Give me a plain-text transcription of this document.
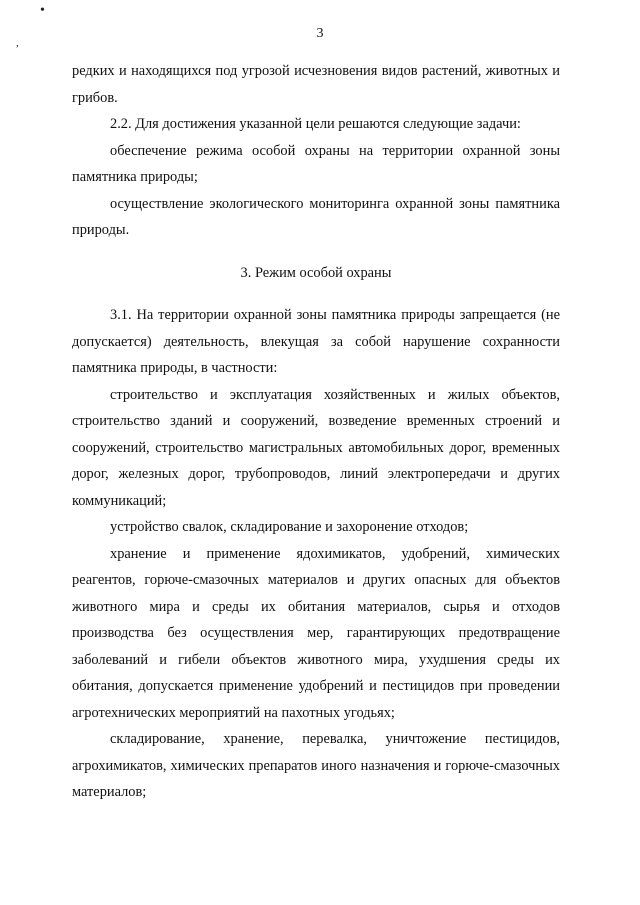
•
,
3

редких и находящихся под угрозой исчезновения видов растений, животных и грибов.

2.2. Для достижения указанной цели решаются следующие задачи:

обеспечение режима особой охраны на территории охранной зоны памятника природы;

осуществление экологического мониторинга охранной зоны памятника природы.

3. Режим особой охраны

3.1. На территории охранной зоны памятника природы запрещается (не допускается) деятельность, влекущая за собой нарушение сохранности памятника природы, в частности:

строительство и эксплуатация хозяйственных и жилых объектов, строительство зданий и сооружений, возведение временных строений и сооружений, строительство магистральных автомобильных дорог, временных дорог, железных дорог, трубопроводов, линий электропередачи и других коммуникаций;

устройство свалок, складирование и захоронение отходов;

хранение и применение ядохимикатов, удобрений, химических реагентов, горюче-смазочных материалов и других опасных для объектов животного мира и среды их обитания материалов, сырья и отходов производства без осуществления мер, гарантирующих предотвращение заболеваний и гибели объектов животного мира, ухудшения среды их обитания, допускается применение удобрений и пестицидов при проведении агротехнических мероприятий на пахотных угодьях;

складирование, хранение, перевалка, уничтожение пестицидов, агрохимикатов, химических препаратов иного назначения и горюче-смазочных материалов;
